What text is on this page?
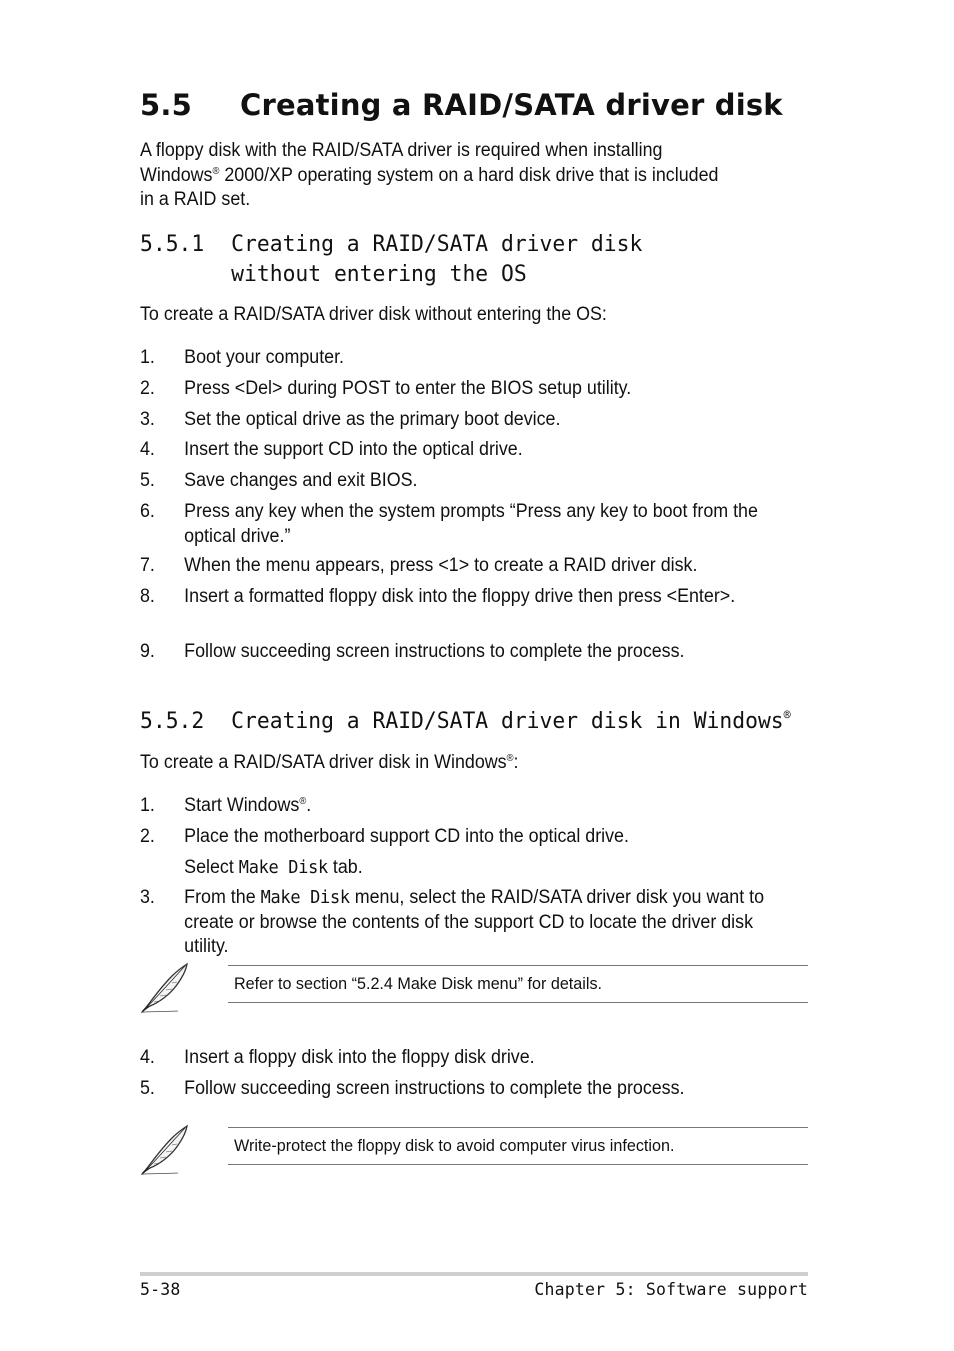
5.5 Creating a RAID/SATA driver disk
A floppy disk with the RAID/SATA driver is required when installing
Windows® 2000/XP operating system on a hard disk drive that is included
in a RAID set.
5.5.1 Creating a RAID/SATA driver disk
without entering the OS
To create a RAID/SATA driver disk without entering the OS:
1. Boot your computer.
2. Press <Del> during POST to enter the BIOS setup utility.
3. Set the optical drive as the primary boot device.
4. Insert the support CD into the optical drive.
5. Save changes and exit BIOS.
6. Press any key when the system prompts “Press any key to boot from the optical drive.”
7. When the menu appears, press <1> to create a RAID driver disk.
8. Insert a formatted floppy disk into the floppy drive then press <Enter>.
9. Follow succeeding screen instructions to complete the process.
5.5.2 Creating a RAID/SATA driver disk in Windows®
To create a RAID/SATA driver disk in Windows®:
1. Start Windows®.
2. Place the motherboard support CD into the optical drive.
Select Make Disk tab.
3. From the Make Disk menu, select the RAID/SATA driver disk you want to create or browse the contents of the support CD to locate the driver disk utility.
Refer to section “5.2.4 Make Disk menu” for details.
4. Insert a floppy disk into the floppy disk drive.
5. Follow succeeding screen instructions to complete the process.
Write-protect the floppy disk to avoid computer virus infection.
5-38	Chapter 5: Software support
